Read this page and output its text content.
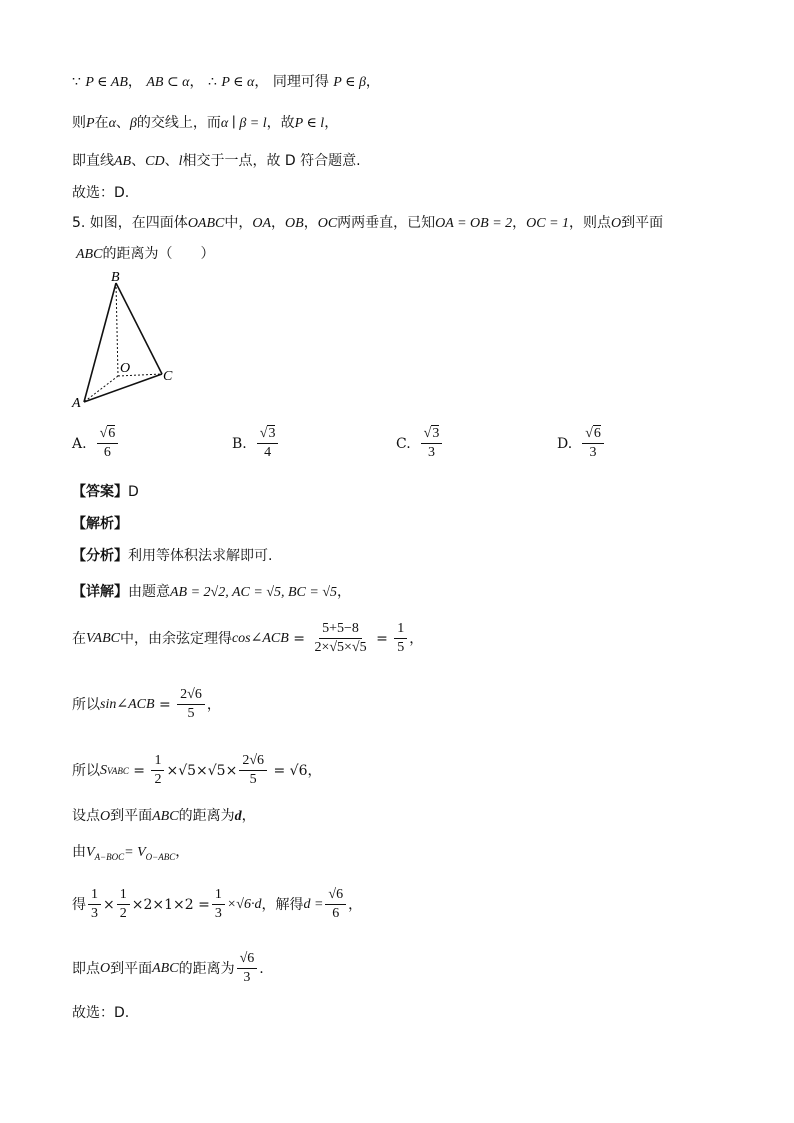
∵ P ∈ AB， AB ⊂ α， ∴ P ∈ α， 同理可得 P ∈ β，
则P在α、β的交线上，而α ∣ β = l，故P ∈ l，
即直线AB、CD、l相交于一点，故 D 符合题意.
故选：D.
5. 如图，在四面体OABC中，OA，OB，OC两两垂直，已知OA = OB = 2，OC = 1，则点O到平面
ABC的距离为（　　）
B
O
C
A
A. $\frac{√6}{6}$	B. $\frac{√3}{4}$	C. $\frac{√3}{3}$	D. $\frac{√6}{3}$
【答案】D
【解析】
【分析】利用等体积法求解即可.
【详解】由题意AB = 2√2, AC = √5, BC = √5，
在 VABC 中，由余弦定理得 cos∠ACB = $\frac{5+5-8}{2\times√5\times√5} = \frac{1}{5}$ ，
所以 sin∠ACB = $\frac{2√6}{5}$ ，
所以 S VABC = $\frac{1}{2} \times√5\times√5\times \frac{2√6}{5}$
= √6 ，
设点O到平面ABC的距离为d，
由$V_{A-BOC}= V_{O-ABC}$，
得 $\frac{1}{3} \times \frac{1}{2} \times 2\times 1\times 2 = \frac{1}{3} \times√6\cdot d$ ，解得 $d = \frac{√6}{6}$ ，
即点 O 到平面 ABC 的距离为 $\frac{√6}{3}$ .
故选：D.
